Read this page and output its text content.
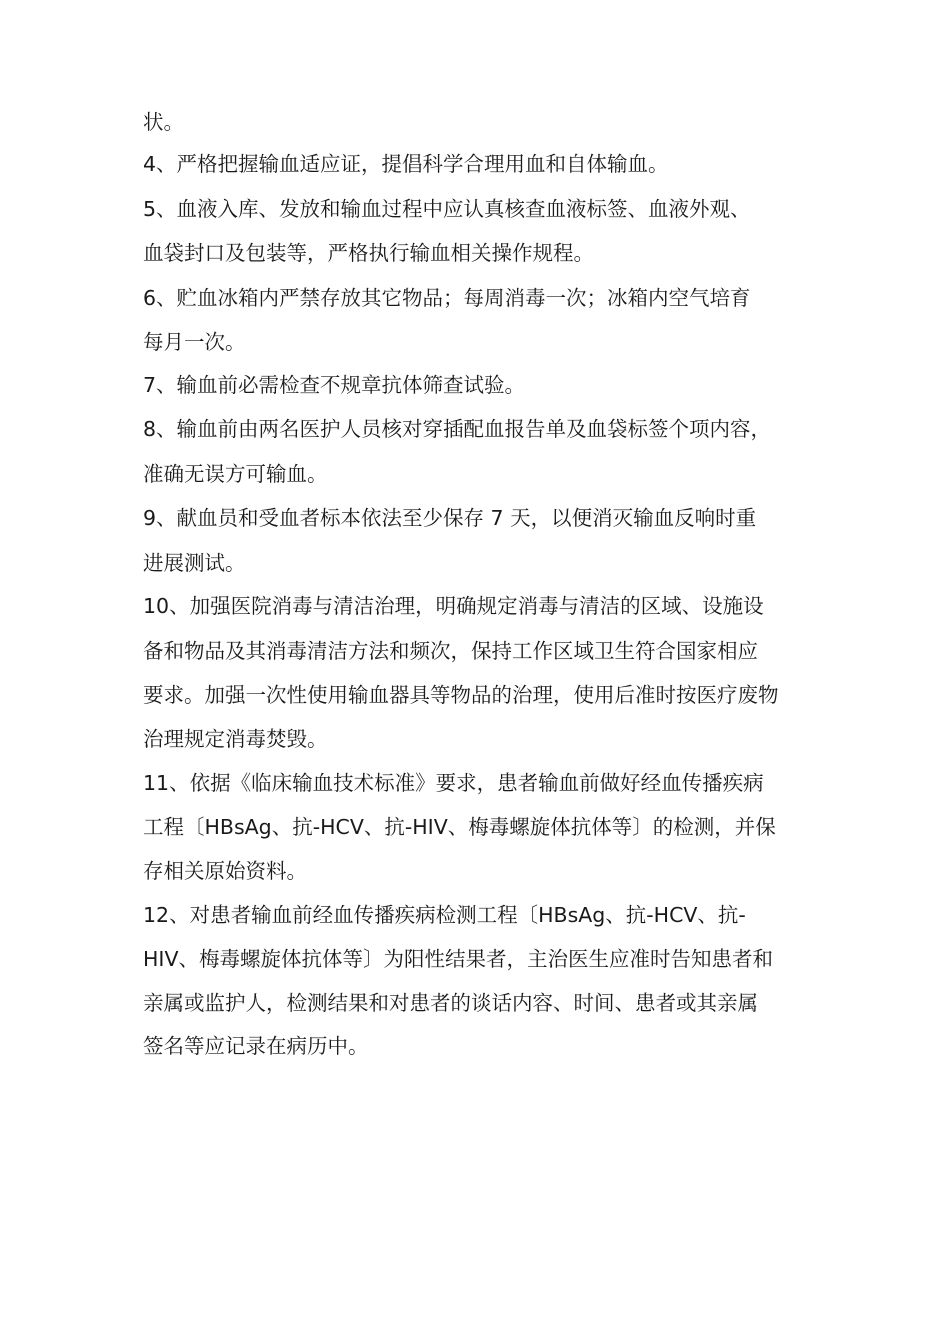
状。
4、严格把握输血适应证，提倡科学合理用血和自体输血。
5、血液入库、发放和输血过程中应认真核查血液标签、血液外观、
血袋封口及包装等，严格执行输血相关操作规程。
6、贮血冰箱内严禁存放其它物品；每周消毒一次；冰箱内空气培育
每月一次。
7、输血前必需检查不规章抗体筛查试验。
8、输血前由两名医护人员核对穿插配血报告单及血袋标签个项内容，
准确无误方可输血。
9、献血员和受血者标本依法至少保存 7 天，以便消灭输血反响时重
进展测试。
10、加强医院消毒与清洁治理，明确规定消毒与清洁的区域、设施设
备和物品及其消毒清洁方法和频次，保持工作区域卫生符合国家相应
要求。加强一次性使用输血器具等物品的治理，使用后准时按医疗废物
治理规定消毒焚毁。
11、依据《临床输血技术标准》要求，患者输血前做好经血传播疾病
工程〔HBsAg、抗-HCV、抗-HIV、梅毒螺旋体抗体等〕的检测，并保
存相关原始资料。
12、对患者输血前经血传播疾病检测工程〔HBsAg、抗-HCV、抗-
HIV、梅毒螺旋体抗体等〕为阳性结果者，主治医生应准时告知患者和
亲属或监护人，检测结果和对患者的谈话内容、时间、患者或其亲属
签名等应记录在病历中。
